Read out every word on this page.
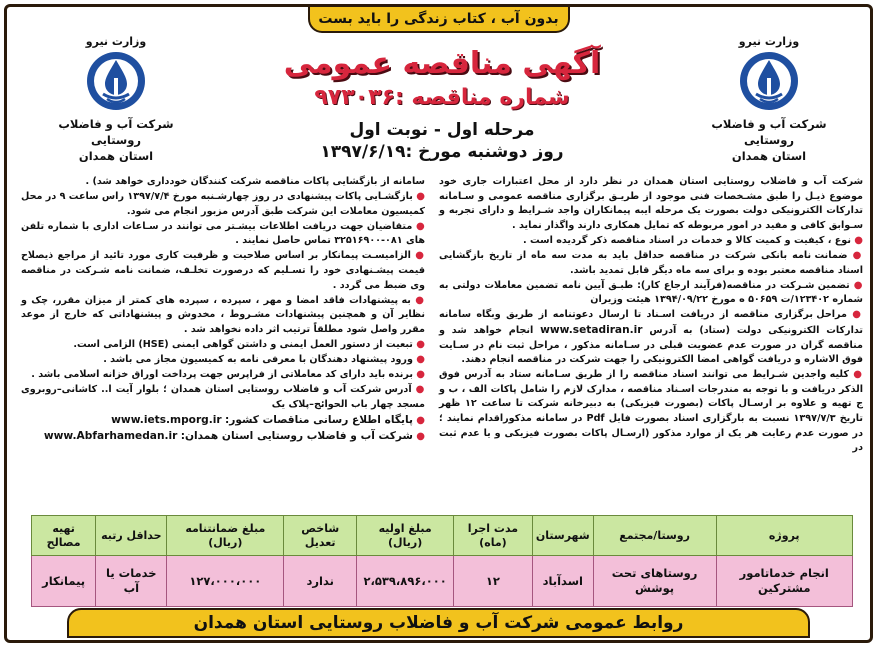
بدون آب ، کتاب زندگی را باید بست
وزارت نیرو
شرکت آب و فاضلاب روستایی
استان همدان
وزارت نیرو
شرکت آب و فاضلاب روستایی
استان همدان
آگهی مناقصه عمومی
شماره مناقصه :۹۷۳۰۳۶
مرحله اول - نوبت اول
روز دوشنبه مورخ :۱۳۹۷/۶/۱۹

شرکت آب و فاضلاب روستایی استان همدان در نظر دارد از محل اعتبارات جاری خود موضوع ذیـل را طبق مشـخصات فنی موجود از طریـق برگزاری مناقصه عمومی و سـامانه تدارکات الکترونیکی دولت بصورت یک مرحله ایبه پیمانکاران واجد شـرایط و دارای تجربه و سـوابق کافی و مفید در امور مربوطه که تمایل همکاری دارند واگذار نماید .

● نوع ، کیفیت و کمیت کالا و خدمات در اسناد مناقصه ذکر گردیده است .

● ضمانت نامه بانکی شرکت در مناقصه حداقل باید به مدت سه ماه از تاریخ بازگشایی اسناد مناقصه معتبر بوده و برای سه ماه دیگر قابل تمدید باشد.

● تضمین شـرکت در مناقصه(فرآیند ارجاع کار): طبـق آیین نامه تضمین معاملات دولتی به شماره ۱۲۳۴۰۲/ت ۵۰۶۵۹ ه مورخ ۱۳۹۴/۰۹/۲۲ هیئت وزیران

● مراحل برگزاری مناقصه از دریافت اسـناد تا ارسال دعوتنامه از طریق وبگاه سامانه تدارکات الکترونیکی دولت (ستاد) به آدرس www.setadiran.ir انجام خواهد شد و مناقصه گران در صورت عدم عضویت قبلی در سـامانه مذکور ، مراحل ثبت نام در سـایت فوق الاشاره و دریافت گواهی امضا الکترونیکی را جهت شرکت در مناقصه انجام دهند.

● کلیه واجدین شـرایط می توانند اسناد مناقصه را از طریق سـامانه ستاد به آدرس فوق الذکر دریافت و با توجه به مندرجات اسـناد مناقصه ، مدارک لازم را شامل پاکات الف ، ب و ج تهیه و علاوه بر ارسـال پاکات (بصورت فیزیکی) به دبیرخانه شرکت تا ساعت ۱۲ ظهر تاریخ ۱۳۹۷/۷/۳ نسبت به بارگزاری اسناد بصورت فایل Pdf در سامانه مذکوراقدام نمایند ؛ در صورت عدم رعایت هر یک از موارد مذکور (ارسـال پاکات بصورت فیزیکی و یا عدم ثبت در

سامانه از بازگشایی پاکات مناقصه شرکت کنندگان خودداری خواهد شد) .

● بازگشـایی پاکات پیشنهادی در روز چهارشـنبه مورخ ۱۳۹۷/۷/۴ راس ساعت ۹ در محل کمیسیون معاملات این شرکت طبق آدرس مزبور انجام می شود.

● متقاضیان جهت دریافت اطلاعات بیشـتر می توانند در سـاعات اداری با شماره تلفن های ۰۸۱-۳۲۵۱۶۹۰۰ تماس حاصل نمایند .

● الزامیسـت پیمانکار بر اساس صلاحیت و ظرفیت کاری مورد تائید از مراجع ذیصلاح قیمت پیشـنهادی خود را تسـلیم که درصورت تخلـف، ضمانت نامه شـرکت در مناقصه وی ضبط می گردد .

● به پیشنهادات فاقد امضا و مهر ، سپرده ، سپرده های کمتر از میزان مقرر، چک و نظایر آن و همچنین پیشنهادات مشـروط ، مخدوش و پیشنهاداتی که خارج از موعد مقرر واصل شود مطلقاً ترتیب اثر داده نخواهد شد .

● تبعیت از دستور العمل ایمنی و داشتن گواهی ایمنی (HSE) الزامی است.

● ورود پیشنهاد دهندگان با معرفی نامه به کمیسیون مجاز می باشد .

● برنده باید دارای کد معاملاتی از فراپرس جهت پرداخت اوراق خزانه اسلامی باشد .

● آدرس شرکت آب و فاضلاب روستایی استان همدان ؛ بلوار آیت ا.. کاشانی–روبروی مسجد چهار باب الحوائج–پلاک یک

● پایگاه اطلاع رسانی مناقصات کشور: www.iets.mporg.ir

● شرکت آب و فاضلاب روستایی استان همدان: www.Abfarhamedan.ir

پروژه	روستا/مجتمع	شهرستان	مدت اجرا (ماه)	مبلغ اولیه (ریال)	شاخص تعدیل	مبلغ ضمانتنامه (ریال)	حداقل رتبه	تهیه مصالح
انجام خدماتامور مشترکین	روستاهای تحت پوشش	اسدآباد	۱۲	۲،۵۳۹،۸۹۶،۰۰۰	ندارد	۱۲۷،۰۰۰،۰۰۰	خدمات یا آب	پیمانکار
روابط عمومی شرکت آب و فاضلاب روستایی استان همدان
